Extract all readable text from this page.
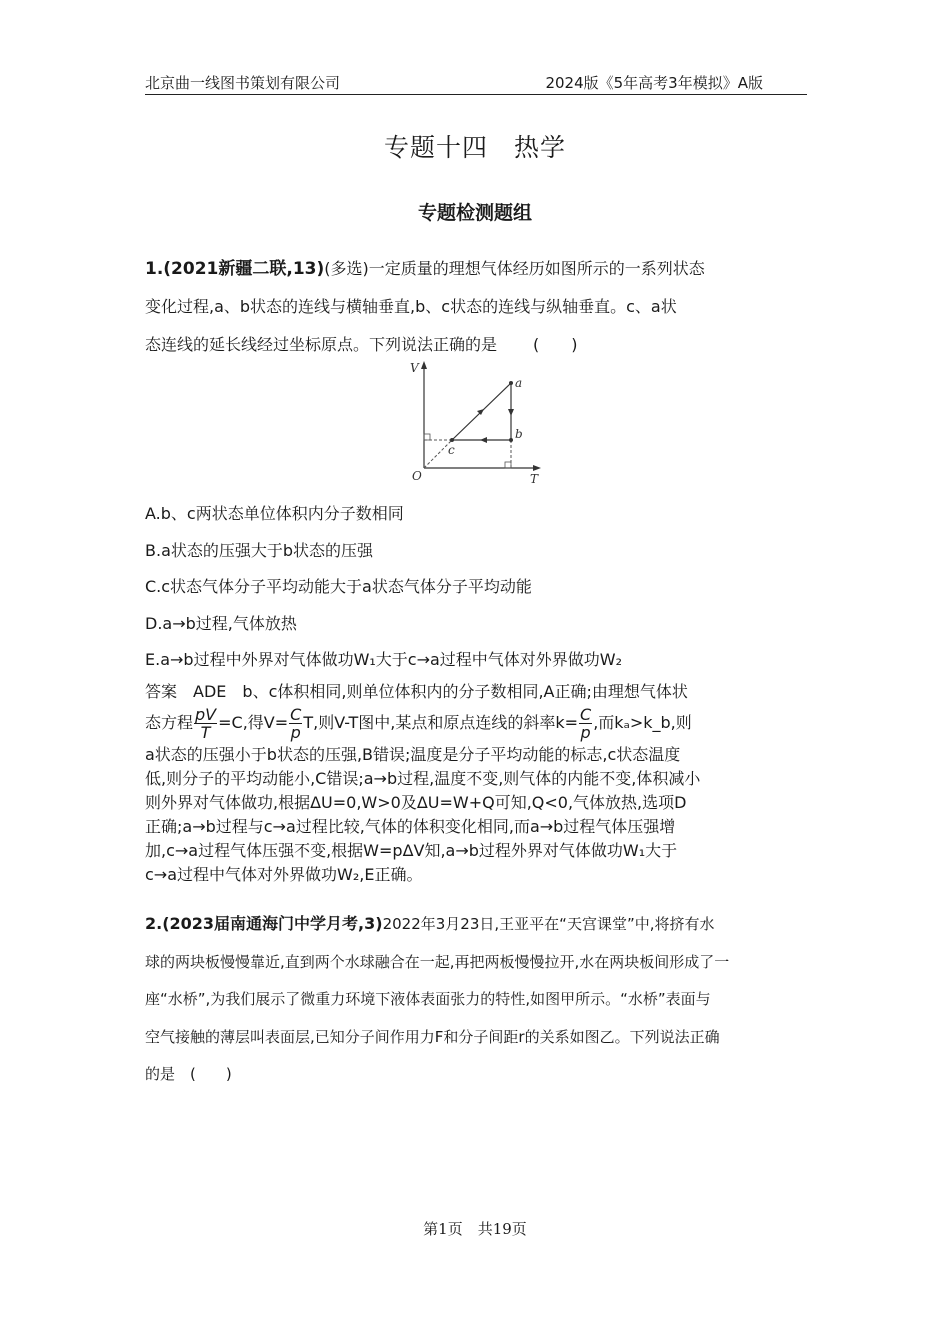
北京曲一线图书策划有限公司	2024版《5年高考3年模拟》A版
专题十四　热学
专题检测题组
1.(2021新疆二联,13)(多选)一定质量的理想气体经历如图所示的一系列状态
变化过程,a、b状态的连线与横轴垂直,b、c状态的连线与纵轴垂直。c、a状
态连线的延长线经过坐标原点。下列说法正确的是 (　　)
V
T
O
a
b
c
A.b、c两状态单位体积内分子数相同
B.a状态的压强大于b状态的压强
C.c状态气体分子平均动能大于a状态气体分子平均动能
D.a→b过程,气体放热
E.a→b过程中外界对气体做功W₁大于c→a过程中气体对外界做功W₂
答案　ADE　 b、c体积相同,则单位体积内的分子数相同,A正确;由理想气体状
态方程 $\frac{pV}{T} =C$,得$V= \frac{C}{p} T$,则V-T图中,某点和原点连线的斜率$k= \frac{C}{p}$ ,而kₐ>k_b,则
a状态的压强小于b状态的压强,B错误;温度是分子平均动能的标志,c状态温度
低,则分子的平均动能小,C错误;a→b过程,温度不变,则气体的内能不变,体积减小
则外界对气体做功,根据ΔU=0,W>0及ΔU=W+Q可知,Q<0,气体放热,选项D
正确;a→b过程与c→a过程比较,气体的体积变化相同,而a→b过程气体压强增
加,c→a过程气体压强不变,根据W=pΔV知,a→b过程外界对气体做功W₁大于
c→a过程中气体对外界做功W₂,E正确。
2.(2023届南通海门中学月考,3)2022年3月23日,王亚平在“天宫课堂”中,将挤有水
球的两块板慢慢靠近,直到两个水球融合在一起,再把两板慢慢拉开,水在两块板间形成了一
座“水桥”,为我们展示了微重力环境下液体表面张力的特性,如图甲所示。“水桥”表面与
空气接触的薄层叫表面层,已知分子间作用力F和分子间距r的关系如图乙。下列说法正确
的是　(　　)
第1页　共19页
